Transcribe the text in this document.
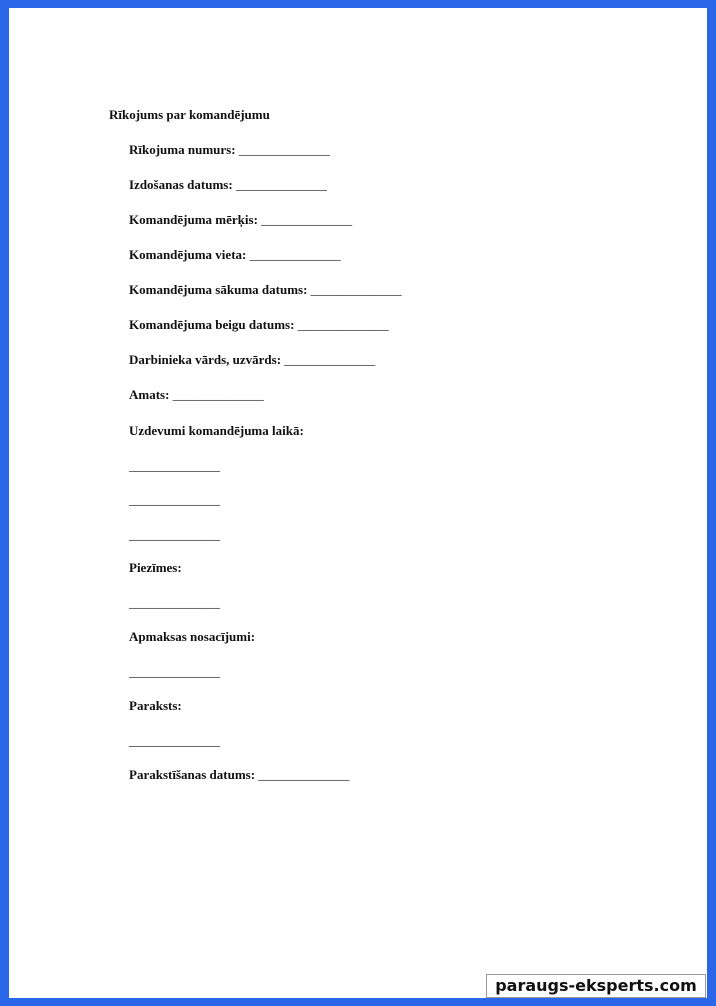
Rīkojums par komandējumu
Rīkojuma numurs: ______________
Izdošanas datums: ______________
Komandējuma mērķis: ______________
Komandējuma vieta: ______________
Komandējuma sākuma datums: ______________
Komandējuma beigu datums: ______________
Darbinieka vārds, uzvārds: ______________
Amats: ______________
Uzdevumi komandējuma laikā:
______________
______________
______________
Piezīmes:
______________
Apmaksas nosacījumi:
______________
Paraksts:
______________
Parakstīšanas datums: ______________
paraugs-eksperts.com
